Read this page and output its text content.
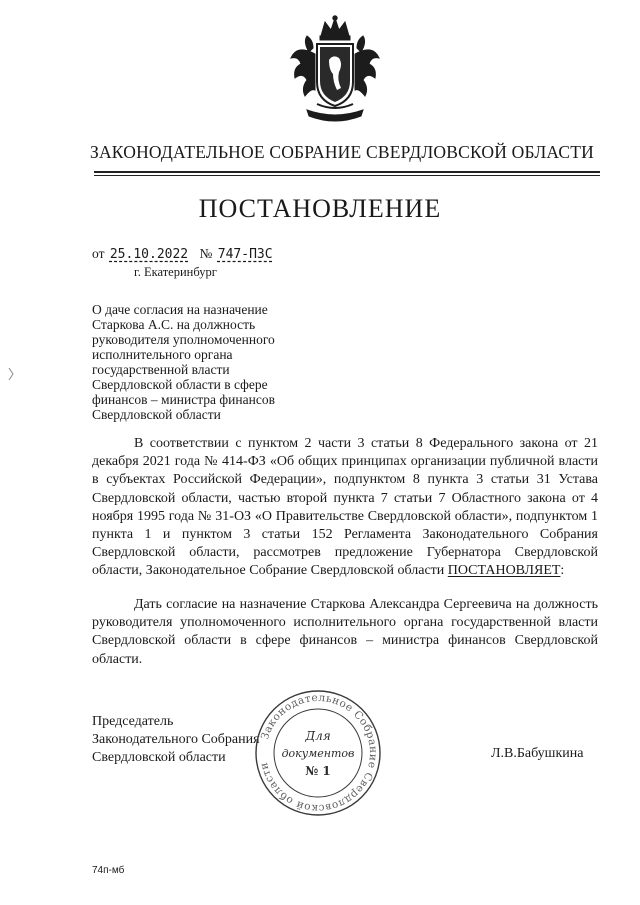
ЗАКОНОДАТЕЛЬНОЕ СОБРАНИЕ СВЕРДЛОВСКОЙ ОБЛАСТИ
ПОСТАНОВЛЕНИЕ
от 25.10.2022 № 747-ПЗС
г. Екатеринбург
О даче согласия на назначение
Старкова А.С. на должность
руководителя уполномоченного
исполнительного органа
государственной власти
Свердловской области в сфере
финансов – министра финансов
Свердловской области
В соответствии с пунктом 2 части 3 статьи 8 Федерального закона от 21 декабря 2021 года № 414-ФЗ «Об общих принципах организации публичной власти в субъектах Российской Федерации», подпунктом 8 пункта 3 статьи 31 Устава Свердловской области, частью второй пункта 7 статьи 7 Областного закона от 4 ноября 1995 года № 31-ОЗ «О Правительстве Свердловской области», подпунктом 1 пункта 1 и пунктом 3 статьи 152 Регламента Законодательного Собрания Свердловской области, рассмотрев предложение Губернатора Свердловской области, Законодательное Собрание Свердловской области ПОСТАНОВЛЯЕТ:
Дать согласие на назначение Старкова Александра Сергеевича на должность руководителя уполномоченного исполнительного органа государственной власти Свердловской области в сфере финансов – министра финансов Свердловской области.
Председатель
Законодательного Собрания
Свердловской области
Законодательное Собрание Свердловской области
Для
документов
№ 1
Л.В.Бабушкина
74п-мб
